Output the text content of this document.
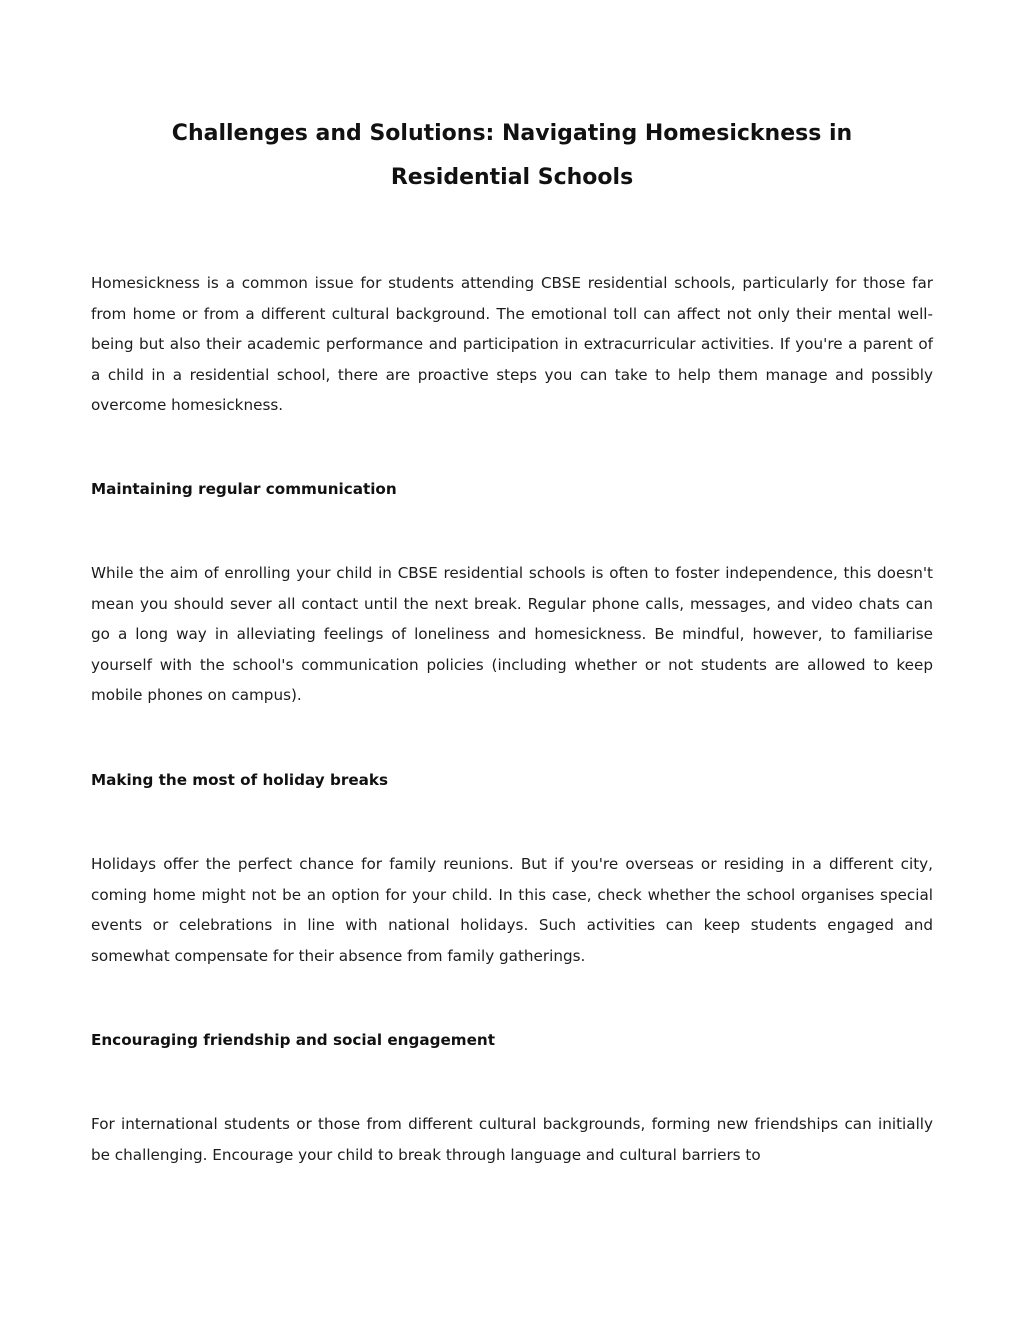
Challenges and Solutions: Navigating Homesickness in Residential Schools

Homesickness is a common issue for students attending CBSE residential schools, particularly for those far from home or from a different cultural background. The emotional toll can affect not only their mental well-being but also their academic performance and participation in extracurricular activities. If you're a parent of a child in a residential school, there are proactive steps you can take to help them manage and possibly overcome homesickness.

Maintaining regular communication

While the aim of enrolling your child in CBSE residential schools is often to foster independence, this doesn't mean you should sever all contact until the next break. Regular phone calls, messages, and video chats can go a long way in alleviating feelings of loneliness and homesickness. Be mindful, however, to familiarise yourself with the school's communication policies (including whether or not students are allowed to keep mobile phones on campus).

Making the most of holiday breaks

Holidays offer the perfect chance for family reunions. But if you're overseas or residing in a different city, coming home might not be an option for your child. In this case, check whether the school organises special events or celebrations in line with national holidays. Such activities can keep students engaged and somewhat compensate for their absence from family gatherings.

Encouraging friendship and social engagement

For international students or those from different cultural backgrounds, forming new friendships can initially be challenging. Encourage your child to break through language and cultural barriers to
